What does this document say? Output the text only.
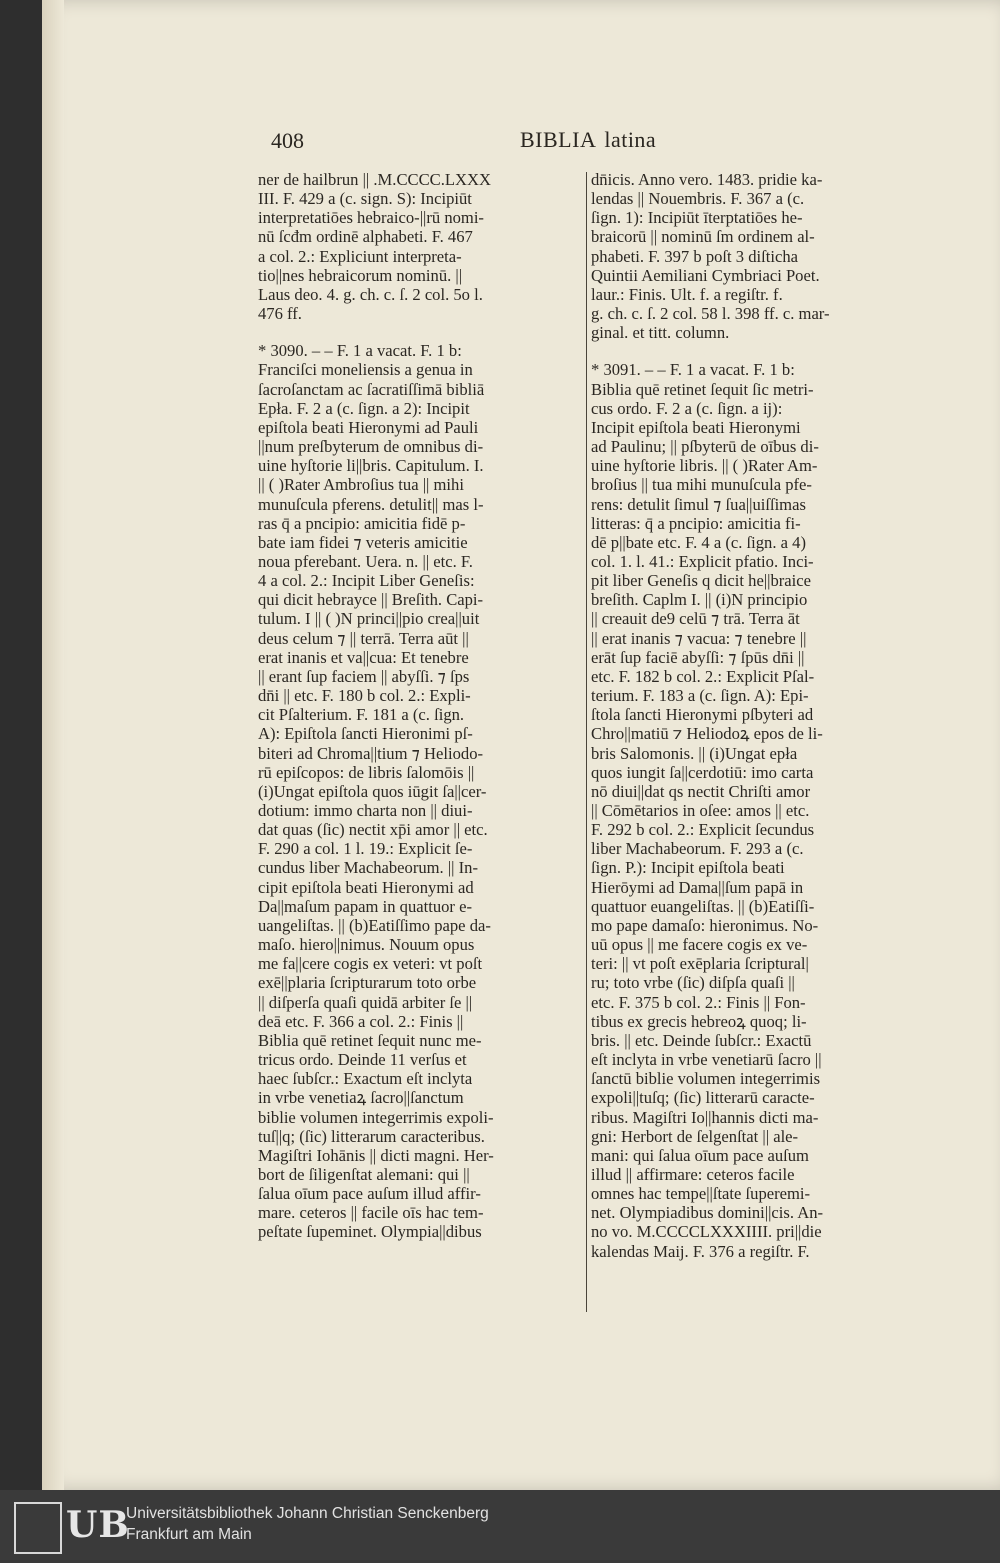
408	BIBLIA latina
ner de hailbrun || .M.CCCC.LXXX
III. F. 429 a (c. sign. S): Incipiūt
interpretatiōes hebraico-||rū nomi-
nū ſcđm ordinē alphabeti. F. 467
a col. 2.: Expliciunt interpreta-
tio||nes hebraicorum nominū. ||
Laus deo. 4. g. ch. c. ſ. 2 col. 5o l.
476 ff.
* 3090. – – F. 1 a vacat. F. 1 b:
Franciſci moneliensis a genua in
ſacroſanctam ac ſacratiſſimā bibliā
Epła. F. 2 a (c. ſign. a 2): Incipit
epiſtola beati Hieronymi ad Pauli
||num preſbyterum de omnibus di-
uine hyſtorie li||bris. Capitulum. I.
|| ( )Rater Ambroſius tua || mihi
munuſcula pferens. detulit|| mas l-
ras q̄ a pncipio: amicitia fidē p-
bate iam fidei ⁊ veteris amicitie
noua pferebant. Uera. n. || etc. F.
4 a col. 2.: Incipit Liber Geneſis:
qui dicit hebrayce || Breſith. Capi-
tulum. I || ( )N princi||pio crea||uit
deus celum ⁊ || terrā. Terra aūt ||
erat inanis et va||cua: Et tenebre
|| erant ſup faciem || abyſſi. ⁊ ſps
dn̄i || etc. F. 180 b col. 2.: Expli-
cit Pſalterium. F. 181 a (c. ſign.
A): Epiſtola ſancti Hieronimi pſ-
biteri ad Chroma||tium ⁊ Heliodo-
rū epiſcopos: de libris ſalomōis ||
(i)Ungat epiſtola quos iūgit ſa||cer-
dotium: immo charta non || diui-
dat quas (ſic) nectit xp̄i amor || etc.
F. 290 a col. 1 l. 19.: Explicit ſe-
cundus liber Machabeorum. || In-
cipit epiſtola beati Hieronymi ad
Da||maſum papam in quattuor e-
uangeliſtas. || (b)Eatiſſimo pape da-
maſo. hiero||nimus. Nouum opus
me fa||cere cogis ex veteri: vt poſt
exē||plaria ſcripturarum toto orbe
|| diſperſa quaſi quidā arbiter ſe ||
deā etc. F. 366 a col. 2.: Finis ||
Biblia quē retinet ſequit nunc me-
tricus ordo. Deinde 11 verſus et
haec ſubſcr.: Exactum eſt inclyta
in vrbe venetiaꝝ ſacro||ſanctum
biblie volumen integerrimis expoli-
tuſ||q; (ſic) litterarum caracteribus.
Magiſtri Iohānis || dicti magni. Her-
bort de ſiligenſtat alemani: qui ||
ſalua oīum pace auſum illud affir-
mare. ceteros || facile oīs hac tem-
peſtate ſupeminet. Olympia||dibus
dn̄icis. Anno vero. 1483. pridie ka-
lendas || Nouembris. F. 367 a (c.
ſign. 1): Incipiūt īterptatiōes he-
braicorū || nominū ſm ordinem al-
phabeti. F. 397 b poſt 3 diſticha
Quintii Aemiliani Cymbriaci Poet.
laur.: Finis. Ult. f. a regiſtr. f.
g. ch. c. ſ. 2 col. 58 l. 398 ff. c. mar-
ginal. et titt. column.
* 3091. – – F. 1 a vacat. F. 1 b:
Biblia quē retinet ſequit ſic metri-
cus ordo. F. 2 a (c. ſign. a ij):
Incipit epiſtola beati Hieronymi
ad Paulinu; || pſbyterū de oībus di-
uine hyſtorie libris. || ( )Rater Am-
broſius || tua mihi munuſcula pfe-
rens: detulit ſimul ⁊ ſua||uiſſimas
litteras: q̄ a pncipio: amicitia fi-
dē p||bate etc. F. 4 a (c. ſign. a 4)
col. 1. l. 41.: Explicit pfatio. Inci-
pit liber Geneſis q dicit he||braice
breſith. Caplm I. || (i)N principio
|| creauit de9 celū ⁊ trā. Terra āt
|| erat inanis ⁊ vacua: ⁊ tenebre ||
erāt ſup faciē abyſſi: ⁊ ſpūs dn̄i ||
etc. F. 182 b col. 2.: Explicit Pſal-
terium. F. 183 a (c. ſign. A): Epi-
ſtola ſancti Hieronymi pſbyteri ad
Chro||matiū ⁊ Heliodoꝝ epos de li-
bris Salomonis. || (i)Ungat epła
quos iungit ſa||cerdotiū: imo carta
nō diui||dat qs nectit Chriſti amor
|| Cōmētarios in oſee: amos || etc.
F. 292 b col. 2.: Explicit ſecundus
liber Machabeorum. F. 293 a (c.
ſign. P.): Incipit epiſtola beati
Hierōymi ad Dama||ſum papā in
quattuor euangeliſtas. || (b)Eatiſſi-
mo pape damaſo: hieronimus. No-
uū opus || me facere cogis ex ve-
teri: || vt poſt exēplaria ſcriptural|
ru; toto vrbe (ſic) diſpſa quaſi ||
etc. F. 375 b col. 2.: Finis || Fon-
tibus ex grecis hebreoꝝ quoq; li-
bris. || etc. Deinde ſubſcr.: Exactū
eſt inclyta in vrbe venetiarū ſacro ||
ſanctū biblie volumen integerrimis
expoli||tuſq; (ſic) litterarū caracte-
ribus. Magiſtri Io||hannis dicti ma-
gni: Herbort de ſelgenſtat || ale-
mani: qui ſalua oīum pace auſum
illud || affirmare: ceteros facile
omnes hac tempe||ſtate ſuperemi-
net. Olympiadibus domini||cis. An-
no vo. M.CCCCLXXXIIII. pri||die
kalendas Maij. F. 376 a regiſtr. F.
UB
Universitätsbibliothek Johann Christian Senckenberg
Frankfurt am Main
